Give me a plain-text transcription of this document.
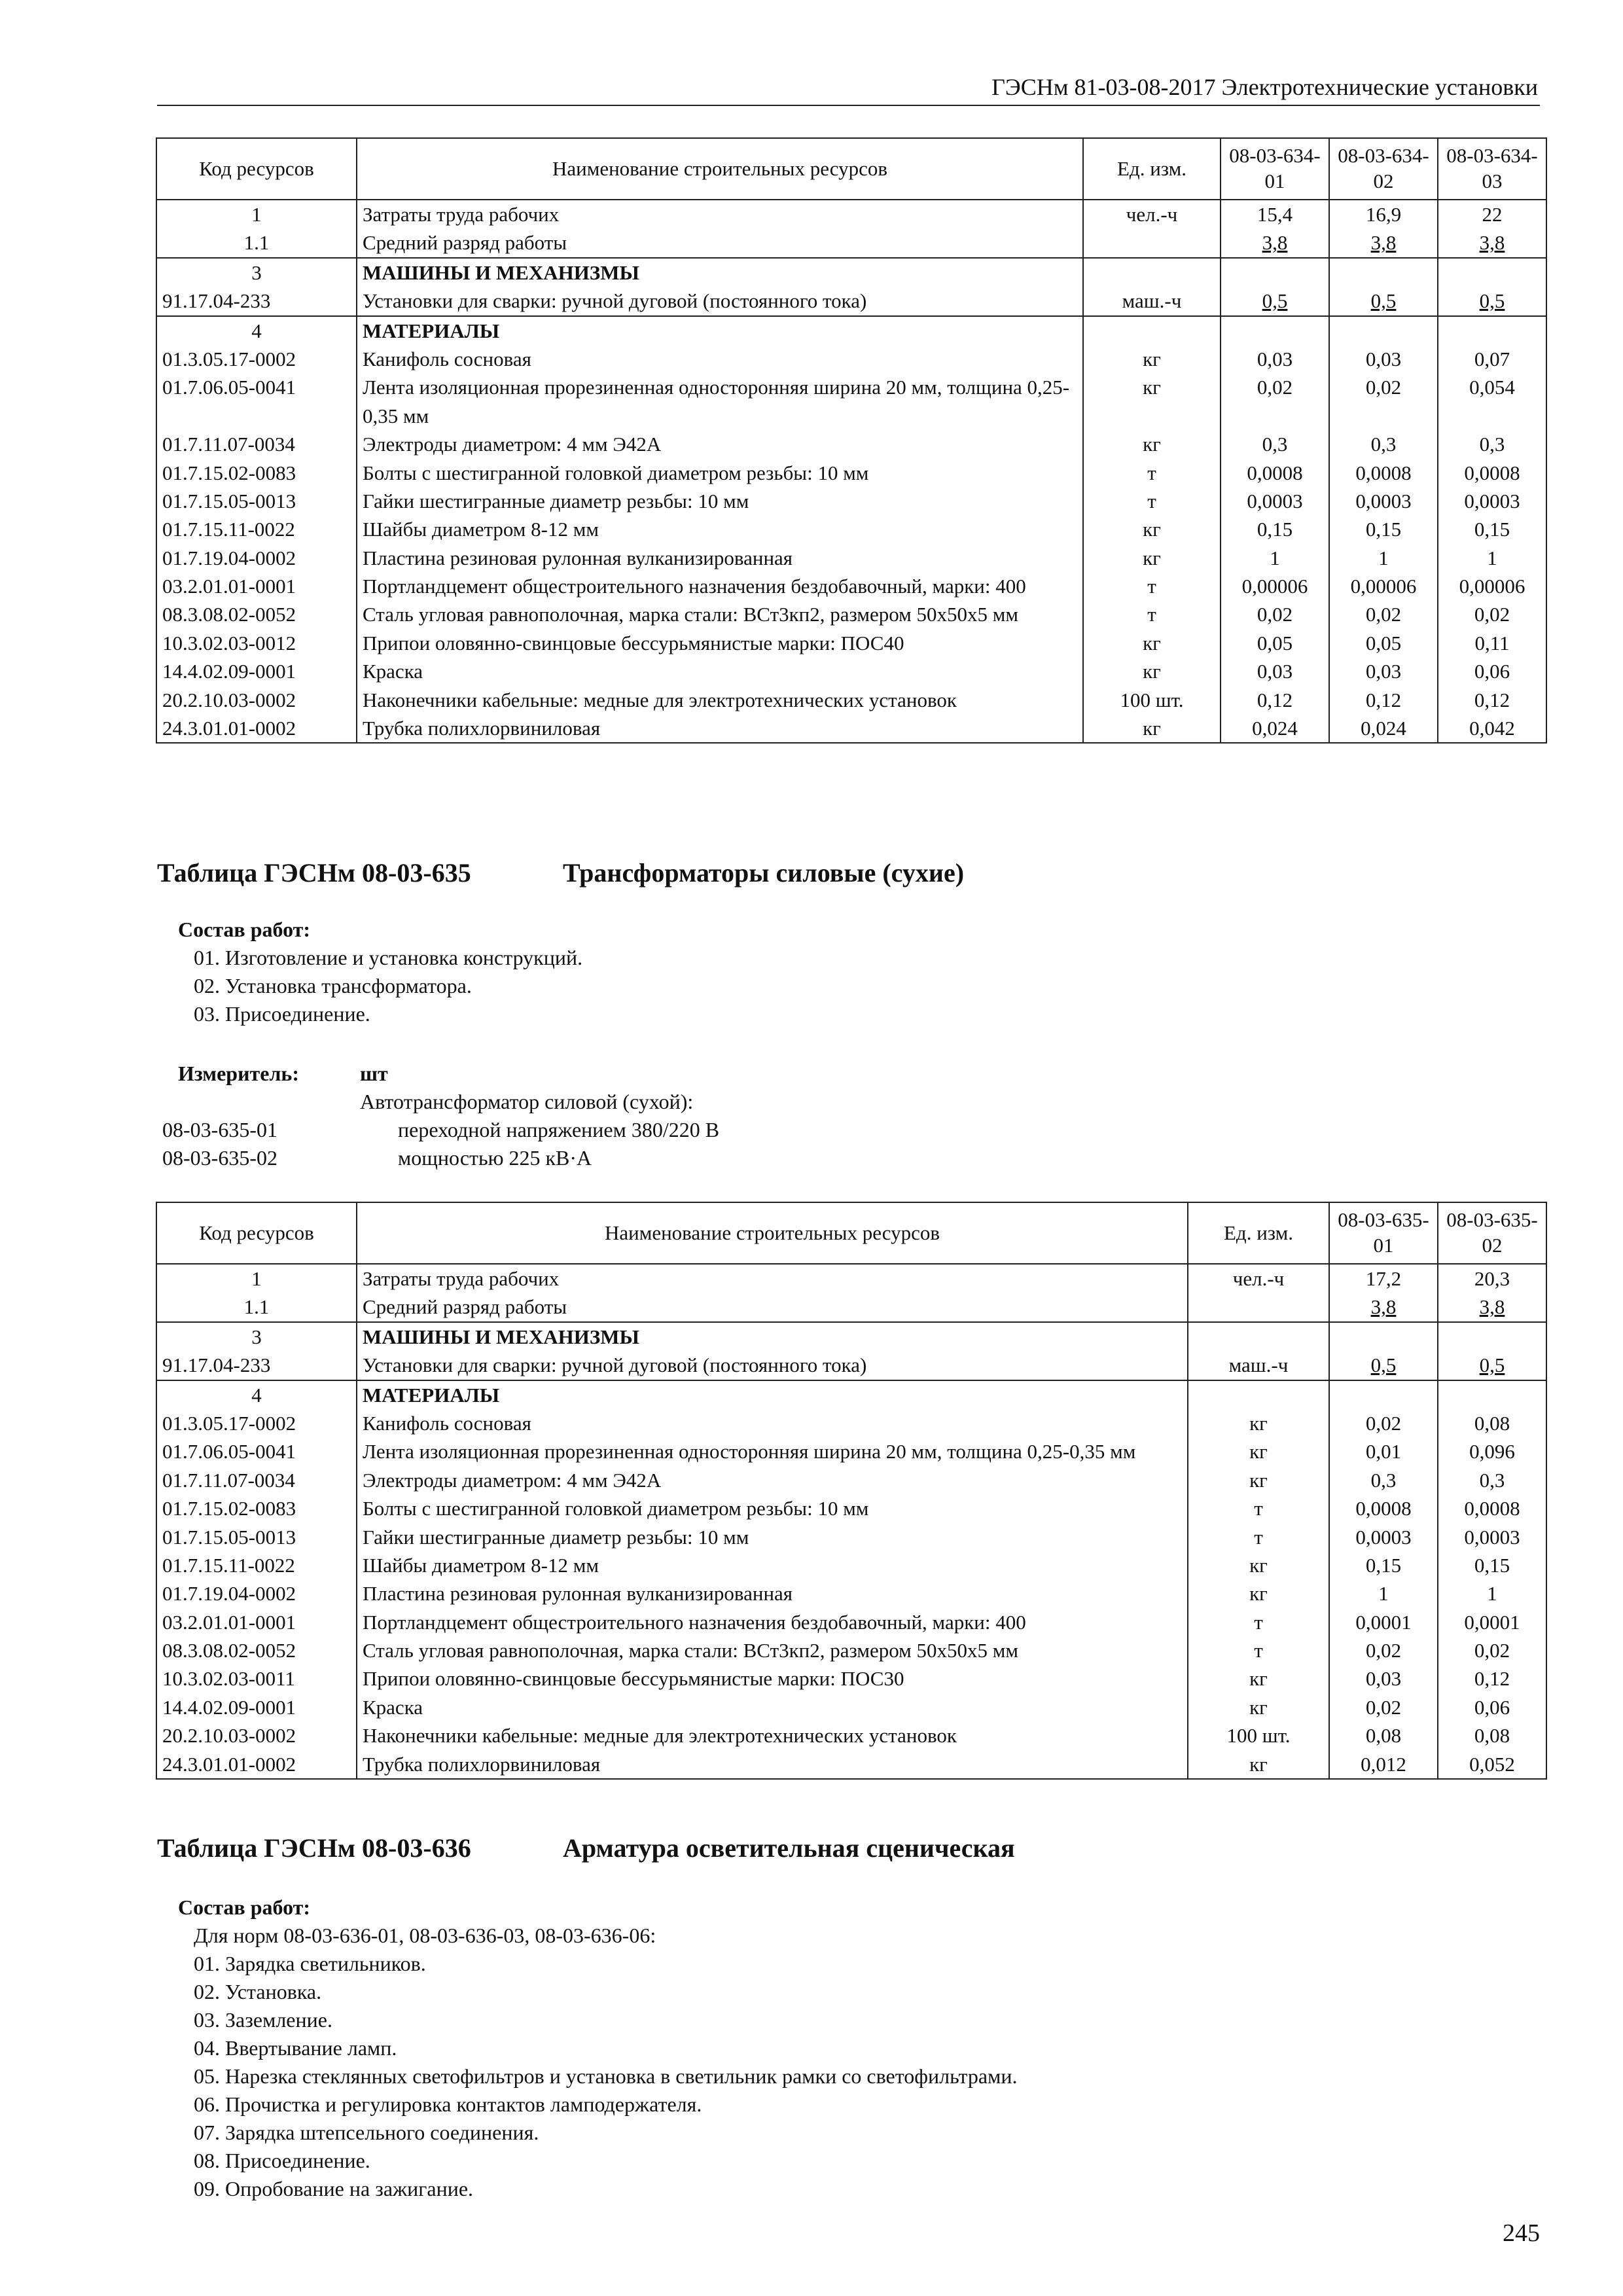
ГЭСНм 81-03-08-2017 Электротехнические установки
Код ресурсов	Наименование строительных ресурсов	Ед. изм.	08-03-634-01	08-03-634-02	08-03-634-03
1	Затраты труда рабочих	чел.-ч	15,4	16,9	22
1.1	Средний разряд работы		3,8	3,8	3,8
3	МАШИНЫ И МЕХАНИЗМЫ				
91.17.04-233	Установки для сварки: ручной дуговой (постоянного тока)	маш.-ч	0,5	0,5	0,5
4	МАТЕРИАЛЫ				
01.3.05.17-0002	Канифоль сосновая	кг	0,03	0,03	0,07
01.7.06.05-0041	Лента изоляционная прорезиненная односторонняя ширина 20 мм, толщина 0,25-0,35 мм	кг	0,02	0,02	0,054
01.7.11.07-0034	Электроды диаметром: 4 мм Э42А	кг	0,3	0,3	0,3
01.7.15.02-0083	Болты с шестигранной головкой диаметром резьбы: 10 мм	т	0,0008	0,0008	0,0008
01.7.15.05-0013	Гайки шестигранные диаметр резьбы: 10 мм	т	0,0003	0,0003	0,0003
01.7.15.11-0022	Шайбы диаметром 8-12 мм	кг	0,15	0,15	0,15
01.7.19.04-0002	Пластина резиновая рулонная вулканизированная	кг	1	1	1
03.2.01.01-0001	Портландцемент общестроительного назначения бездобавочный, марки: 400	т	0,00006	0,00006	0,00006
08.3.08.02-0052	Сталь угловая равнополочная, марка стали: ВСт3кп2, размером 50х50х5 мм	т	0,02	0,02	0,02
10.3.02.03-0012	Припои оловянно-свинцовые бессурьмянистые марки: ПОС40	кг	0,05	0,05	0,11
14.4.02.09-0001	Краска	кг	0,03	0,03	0,06
20.2.10.03-0002	Наконечники кабельные: медные для электротехнических установок	100 шт.	0,12	0,12	0,12
24.3.01.01-0002	Трубка полихлорвиниловая	кг	0,024	0,024	0,042
Таблица ГЭСНм 08-03-635	Трансформаторы силовые (сухие)
Состав работ:
01. Изготовление и установка конструкций.
02. Установка трансформатора.
03. Присоединение.
Измеритель:	шт
Автотрансформатор силовой (сухой):
08-03-635-01	переходной напряжением 380/220 В
08-03-635-02	мощностью 225 кВ·А
Код ресурсов	Наименование строительных ресурсов	Ед. изм.	08-03-635-01	08-03-635-02
1	Затраты труда рабочих	чел.-ч	17,2	20,3
1.1	Средний разряд работы		3,8	3,8
3	МАШИНЫ И МЕХАНИЗМЫ			
91.17.04-233	Установки для сварки: ручной дуговой (постоянного тока)	маш.-ч	0,5	0,5
4	МАТЕРИАЛЫ			
01.3.05.17-0002	Канифоль сосновая	кг	0,02	0,08
01.7.06.05-0041	Лента изоляционная прорезиненная односторонняя ширина 20 мм, толщина 0,25-0,35 мм	кг	0,01	0,096
01.7.11.07-0034	Электроды диаметром: 4 мм Э42А	кг	0,3	0,3
01.7.15.02-0083	Болты с шестигранной головкой диаметром резьбы: 10 мм	т	0,0008	0,0008
01.7.15.05-0013	Гайки шестигранные диаметр резьбы: 10 мм	т	0,0003	0,0003
01.7.15.11-0022	Шайбы диаметром 8-12 мм	кг	0,15	0,15
01.7.19.04-0002	Пластина резиновая рулонная вулканизированная	кг	1	1
03.2.01.01-0001	Портландцемент общестроительного назначения бездобавочный, марки: 400	т	0,0001	0,0001
08.3.08.02-0052	Сталь угловая равнополочная, марка стали: ВСт3кп2, размером 50х50х5 мм	т	0,02	0,02
10.3.02.03-0011	Припои оловянно-свинцовые бессурьмянистые марки: ПОС30	кг	0,03	0,12
14.4.02.09-0001	Краска	кг	0,02	0,06
20.2.10.03-0002	Наконечники кабельные: медные для электротехнических установок	100 шт.	0,08	0,08
24.3.01.01-0002	Трубка полихлорвиниловая	кг	0,012	0,052
Таблица ГЭСНм 08-03-636	Арматура осветительная сценическая
Состав работ:
Для норм 08-03-636-01, 08-03-636-03, 08-03-636-06:
01. Зарядка светильников.
02. Установка.
03. Заземление.
04. Ввертывание ламп.
05. Нарезка стеклянных светофильтров и установка в светильник рамки со светофильтрами.
06. Прочистка и регулировка контактов ламподержателя.
07. Зарядка штепсельного соединения.
08. Присоединение.
09. Опробование на зажигание.
245
